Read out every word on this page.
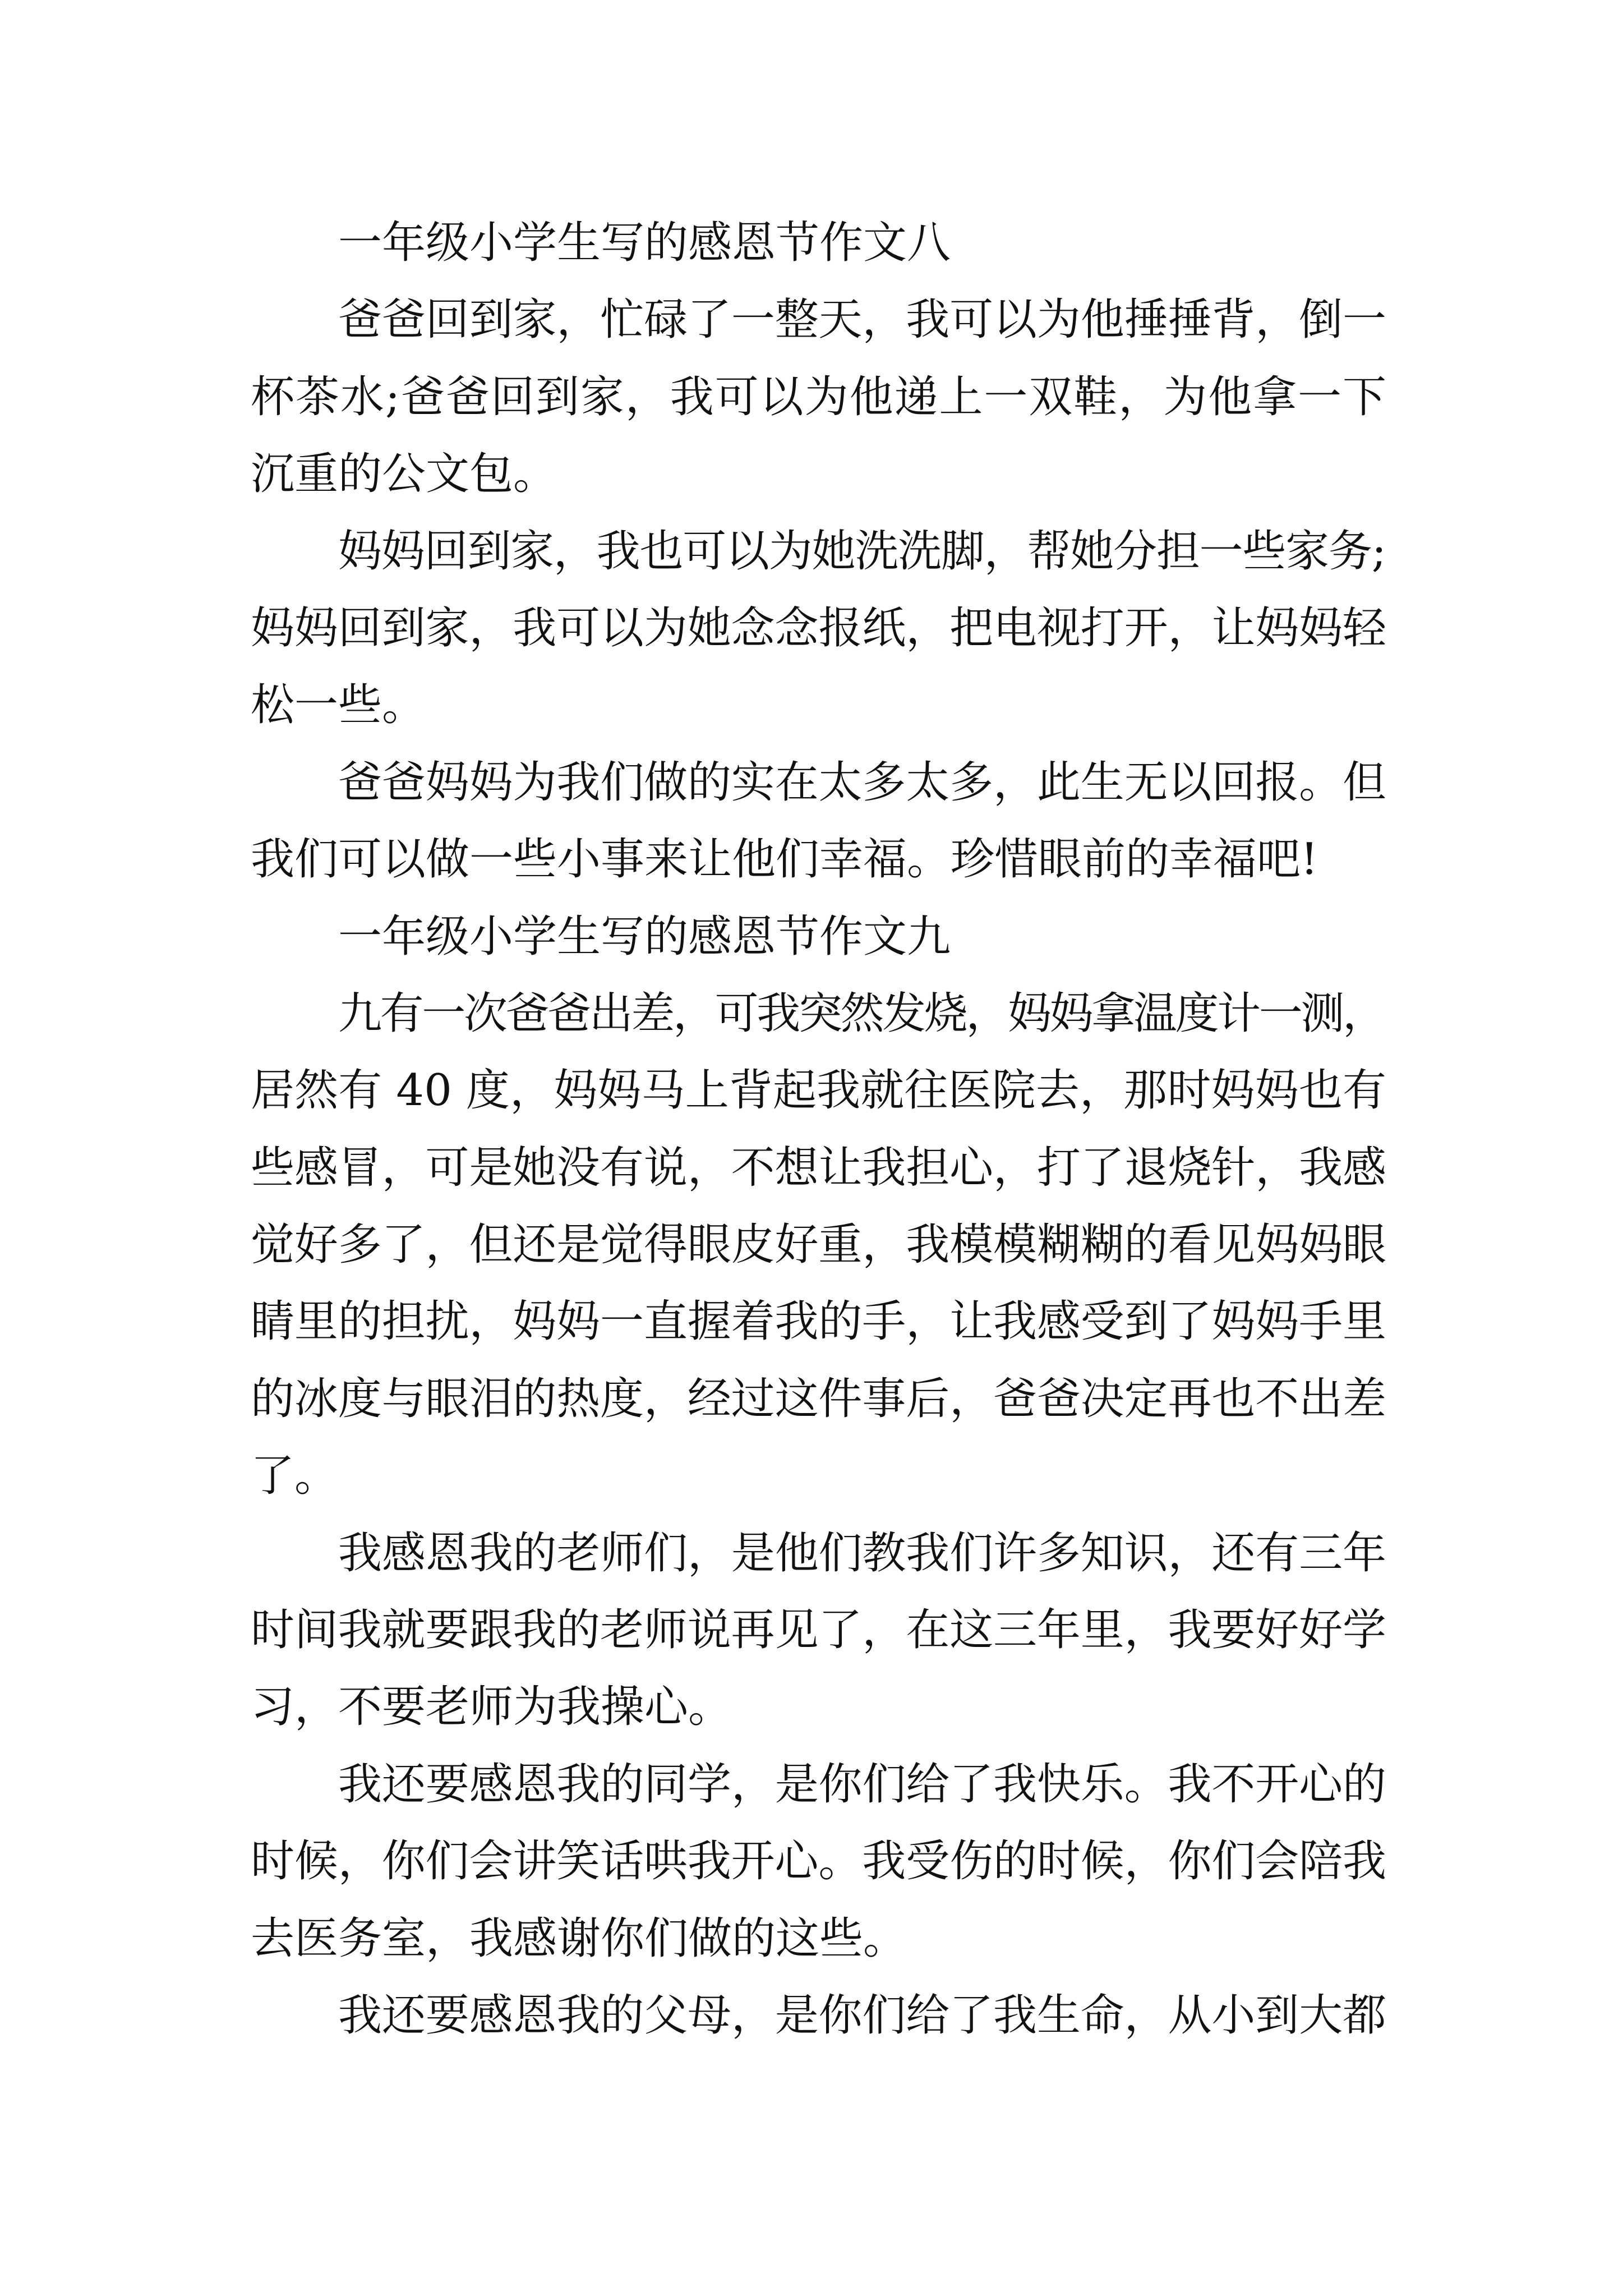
一年级小学生写的感恩节作文八
爸爸回到家，忙碌了一整天，我可以为他捶捶背，倒一
杯茶水;爸爸回到家，我可以为他递上一双鞋，为他拿一下
沉重的公文包。
妈妈回到家，我也可以为她洗洗脚，帮她分担一些家务;
妈妈回到家，我可以为她念念报纸，把电视打开，让妈妈轻
松一些。
爸爸妈妈为我们做的实在太多太多，此生无以回报。但
我们可以做一些小事来让他们幸福。珍惜眼前的幸福吧!
一年级小学生写的感恩节作文九
九有一次爸爸出差，可我突然发烧，妈妈拿温度计一测，
居然有 40 度，妈妈马上背起我就往医院去，那时妈妈也有
些感冒，可是她没有说，不想让我担心，打了退烧针，我感
觉好多了，但还是觉得眼皮好重，我模模糊糊的看见妈妈眼
睛里的担扰，妈妈一直握着我的手，让我感受到了妈妈手里
的冰度与眼泪的热度，经过这件事后，爸爸决定再也不出差
了。
我感恩我的老师们，是他们教我们许多知识，还有三年
时间我就要跟我的老师说再见了，在这三年里，我要好好学
习，不要老师为我操心。
我还要感恩我的同学，是你们给了我快乐。我不开心的
时候，你们会讲笑话哄我开心。我受伤的时候，你们会陪我
去医务室，我感谢你们做的这些。
我还要感恩我的父母，是你们给了我生命，从小到大都
